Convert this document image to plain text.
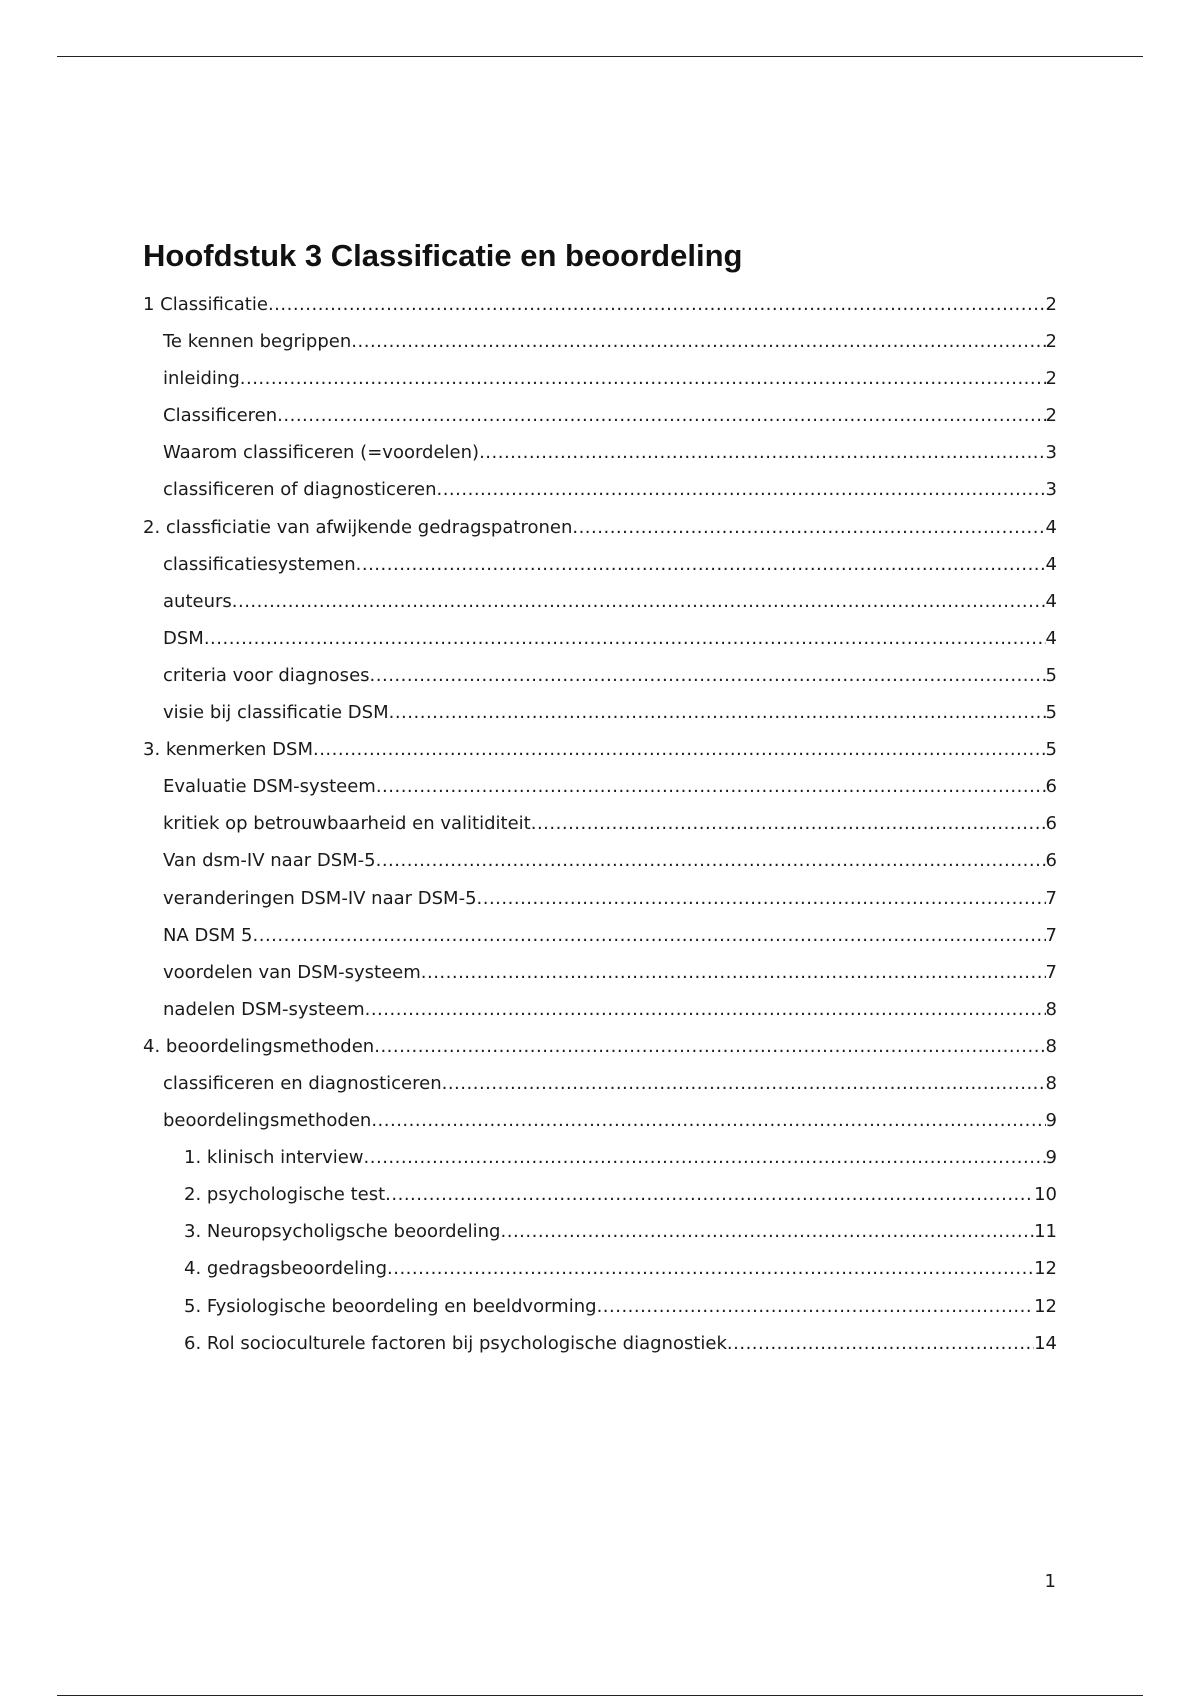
Hoofdstuk 3 Classificatie en beoordeling
1 Classificatie .....	2
Te kennen begrippen .....	2
inleiding .....	2
Classificeren .....	2
Waarom classificeren (=voordelen) .....	3
classificeren of diagnosticeren .....	3
2. classficiatie van afwijkende gedragspatronen .....	4
classificatiesystemen .....	4
auteurs .....	4
DSM .....	4
criteria voor diagnoses .....	5
visie bij classificatie DSM .....	5
3. kenmerken DSM .....	5
Evaluatie DSM-systeem .....	6
kritiek op betrouwbaarheid en valitiditeit .....	6
Van dsm-IV naar DSM-5 .....	6
veranderingen DSM-IV naar DSM-5 .....	7
NA DSM 5 .....	7
voordelen van DSM-systeem .....	7
nadelen DSM-systeem .....	8
4. beoordelingsmethoden .....	8
classificeren en diagnosticeren .....	8
beoordelingsmethoden .....	9
1. klinisch interview .....	9
2. psychologische test .....	10
3. Neuropsycholigsche beoordeling .....	11
4. gedragsbeoordeling .....	12
5. Fysiologische beoordeling en beeldvorming .....	12
6. Rol socioculturele factoren bij psychologische diagnostiek .....	14
1
